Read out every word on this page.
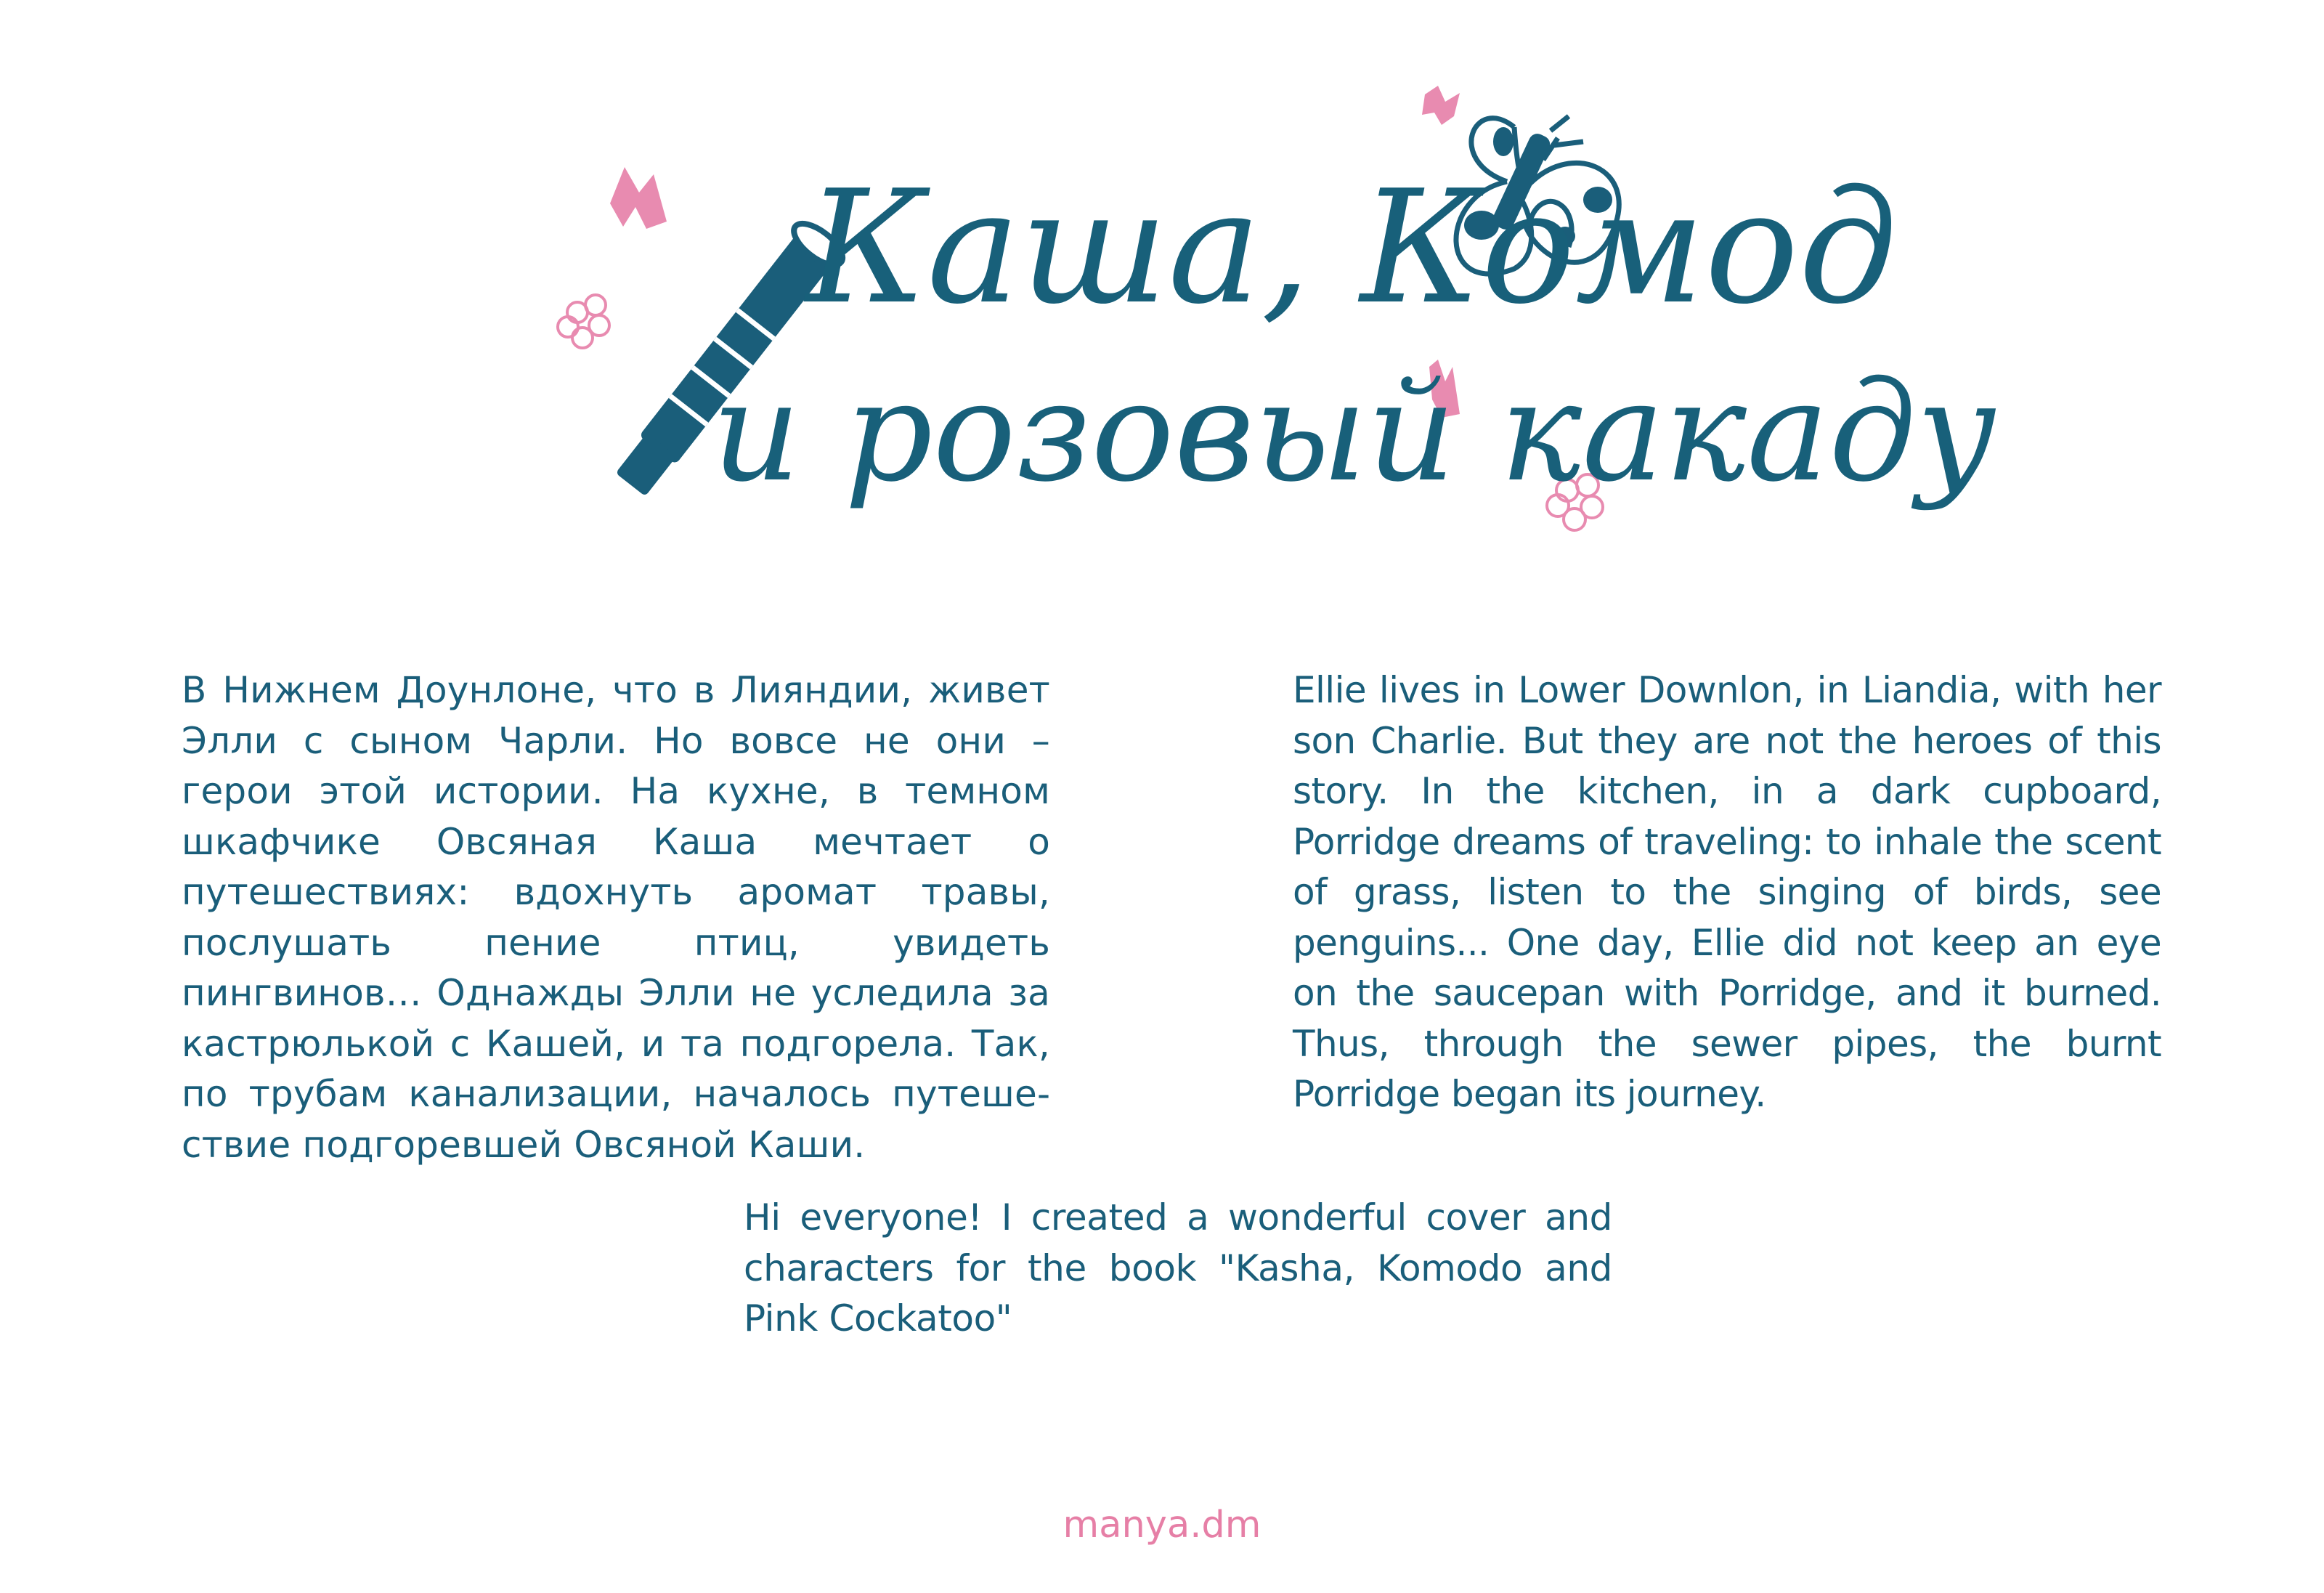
Каша, Комод
и розовый какаду

В Нижнем Доунлоне, что в Лияндии, живет Элли с сыном Чарли. Но вовсе не они – герои этой истории. На кухне, в темном шкафчике Овсяная Каша мечтает о путешествиях: вдохнуть аромат травы, послушать пение птиц, увидеть пингвинов… Однажды Элли не уследила за кастрюлькой с Кашей, и та подгорела. Так, по трубам канализации, началось путешествие подгоревшей Овсяной Каши.

Ellie lives in Lower Downlon, in Liandia, with her son Charlie. But they are not the heroes of this story. In the kitchen, in a dark cupboard, Porridge dreams of traveling: to inhale the scent of grass, listen to the singing of birds, see penguins... One day, Ellie did not keep an eye on the saucepan with Porridge, and it burned. Thus, through the sewer pipes, the burnt Porridge began its journey.

Hi everyone! I created a wonderful cover and characters for the book "Kasha, Komodo and Pink Cockatoo"

manya.dm
